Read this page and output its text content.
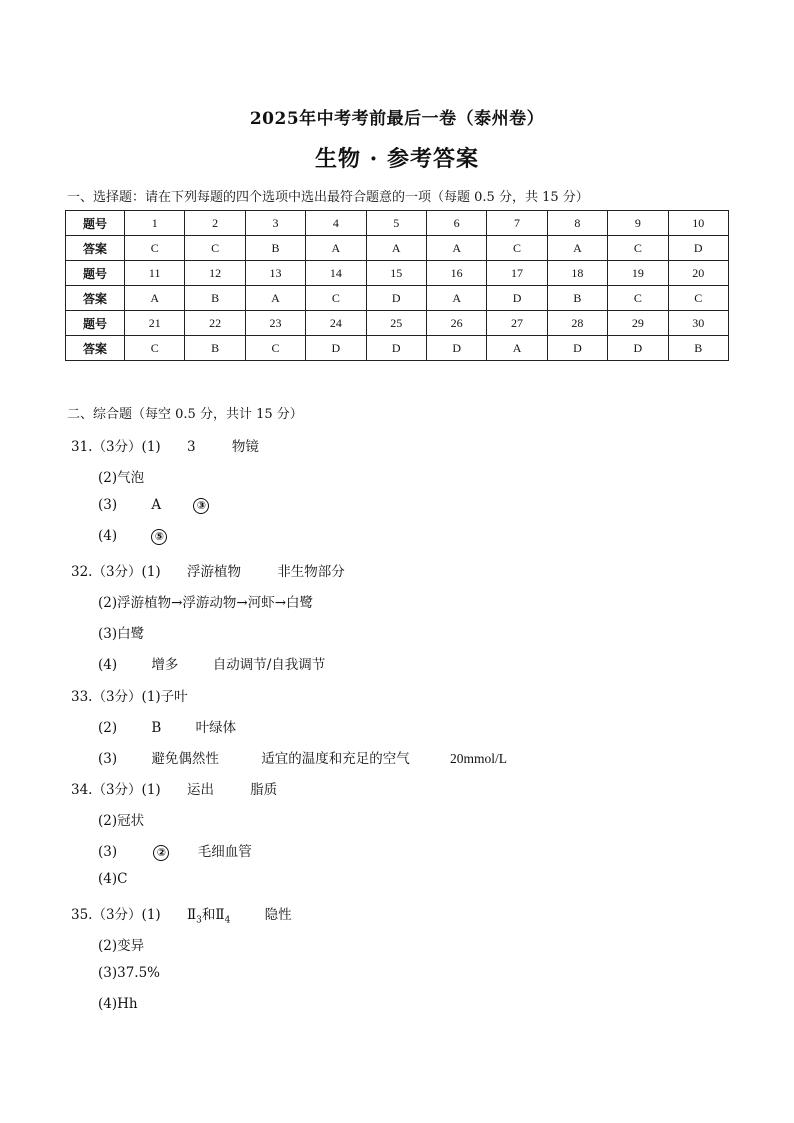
2025年中考考前最后一卷（泰州卷）
生物 · 参考答案
一、选择题：请在下列每题的四个选项中选出最符合题意的一项（每题 0.5 分，共 15 分）
题号	1	2	3	4	5	6	7	8	9	10
答案	C	C	B	A	A	A	C	A	C	D
题号	11	12	13	14	15	16	17	18	19	20
答案	A	B	A	C	D	A	D	B	C	C
题号	21	22	23	24	25	26	27	28	29	30
答案	C	B	C	D	D	D	A	D	D	B
二、综合题（每空 0.5 分，共计 15 分）
31.（3分）(1) 3	物镜
(2)气泡
(3)	A	③
(4)	⑤
32.（3分）(1) 浮游植物	非生物部分
(2)浮游植物→浮游动物→河虾→白鹭
(3)白鹭
(4)	增多	自动调节/自我调节
33.（3分）(1)子叶
(2)	B	叶绿体
(3)	避免偶然性	适宜的温度和充足的空气	20mmol/L
34.（3分）(1) 运出	脂质
(2)冠状
(3)	② 毛细血管
(4)C
35.（3分）(1) $Ⅱ_3$和$Ⅱ_4$	隐性
(2)变异
(3)37.5%
(4)Hh
